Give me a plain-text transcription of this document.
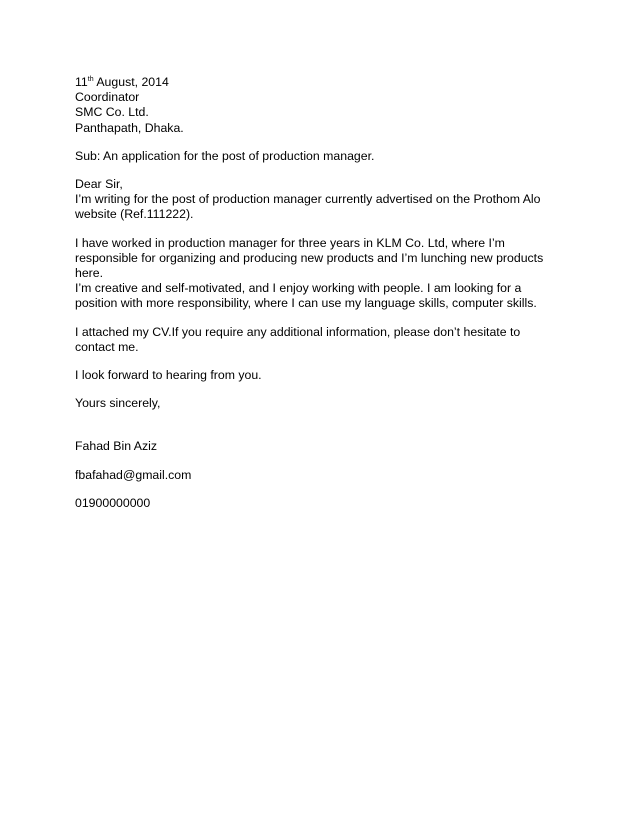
11th August, 2014
Coordinator
SMC Co. Ltd.
Panthapath, Dhaka.
Sub: An application for the post of production manager.
Dear Sir,
I’m writing for the post of production manager currently advertised on the Prothom Alo
website (Ref.111222).
I have worked in production manager for three years in KLM Co. Ltd, where I’m
responsible for organizing and producing new products and I’m lunching new products
here.
I’m creative and self-motivated, and I enjoy working with people. I am looking for a
position with more responsibility, where I can use my language skills, computer skills.
I attached my CV.If you require any additional information, please don’t hesitate to
contact me.
I look forward to hearing from you.
Yours sincerely,
Fahad Bin Aziz
fbafahad@gmail.com
01900000000
